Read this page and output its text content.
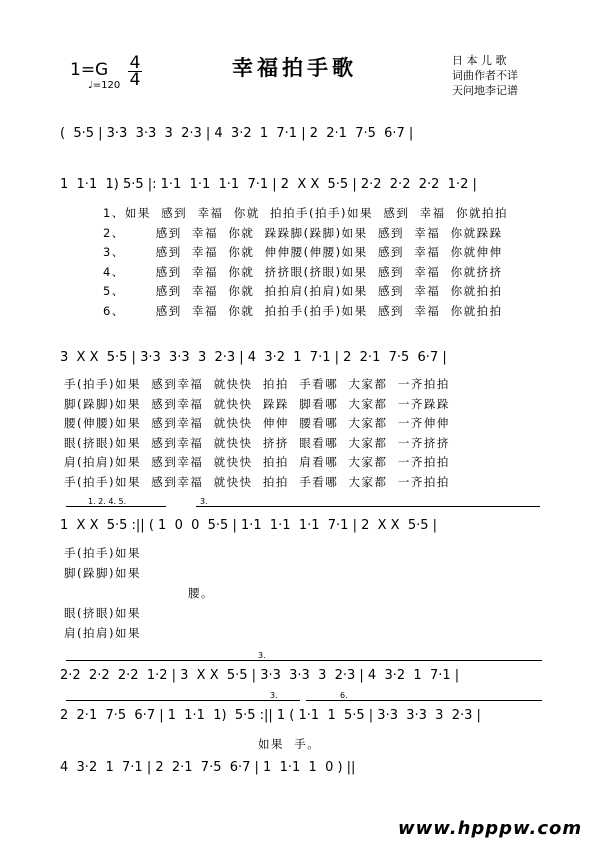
1=G
♩=120
4
4	幸福拍手歌	日 本 儿 歌
词曲作者不详
天问地李记谱
(  5·5 | 3·3  3·3  3  2·3 | 4  3·2  1  7·1 | 2  2·1  7·5  6·7 |
1  1·1  1) 5·5 |: 1·1  1·1  1·1  7·1 | 2  X X  5·5 | 2·2  2·2  2·2  1·2 |
1、如果  感到  幸福  你就  拍拍手(拍手)如果  感到  幸福  你就拍拍
2、      感到  幸福  你就  跺跺脚(跺脚)如果  感到  幸福  你就跺跺
3、      感到  幸福  你就  伸伸腰(伸腰)如果  感到  幸福  你就伸伸
4、      感到  幸福  你就  挤挤眼(挤眼)如果  感到  幸福  你就挤挤
5、      感到  幸福  你就  拍拍肩(拍肩)如果  感到  幸福  你就拍拍
6、      感到  幸福  你就  拍拍手(拍手)如果  感到  幸福  你就拍拍
3  X X  5·5 | 3·3  3·3  3  2·3 | 4  3·2  1  7·1 | 2  2·1  7·5  6·7 |
手(拍手)如果  感到幸福  就快快  拍拍  手看哪  大家都  一齐拍拍
脚(跺脚)如果  感到幸福  就快快  跺跺  脚看哪  大家都  一齐跺跺
腰(伸腰)如果  感到幸福  就快快  伸伸  腰看哪  大家都  一齐伸伸
眼(挤眼)如果  感到幸福  就快快  挤挤  眼看哪  大家都  一齐挤挤
肩(拍肩)如果  感到幸福  就快快  拍拍  肩看哪  大家都  一齐拍拍
手(拍手)如果  感到幸福  就快快  拍拍  手看哪  大家都  一齐拍拍
1. 2. 4. 5.	3.
1  X X  5·5 :|| ( 1  0  0  5·5 | 1·1  1·1  1·1  7·1 | 2  X X  5·5 |
手(拍手)如果
脚(跺脚)如果
腰。
眼(挤眼)如果
肩(拍肩)如果
3.
2·2  2·2  2·2  1·2 | 3  X X  5·5 | 3·3  3·3  3  2·3 | 4  3·2  1  7·1 |
3.	6.
2  2·1  7·5  6·7 | 1  1·1  1)  5·5 :|| 1 ( 1·1  1  5·5 | 3·3  3·3  3  2·3 |
如果  手。
4  3·2  1  7·1 | 2  2·1  7·5  6·7 | 1  1·1  1  0 ) ||
www.hpppw.com
